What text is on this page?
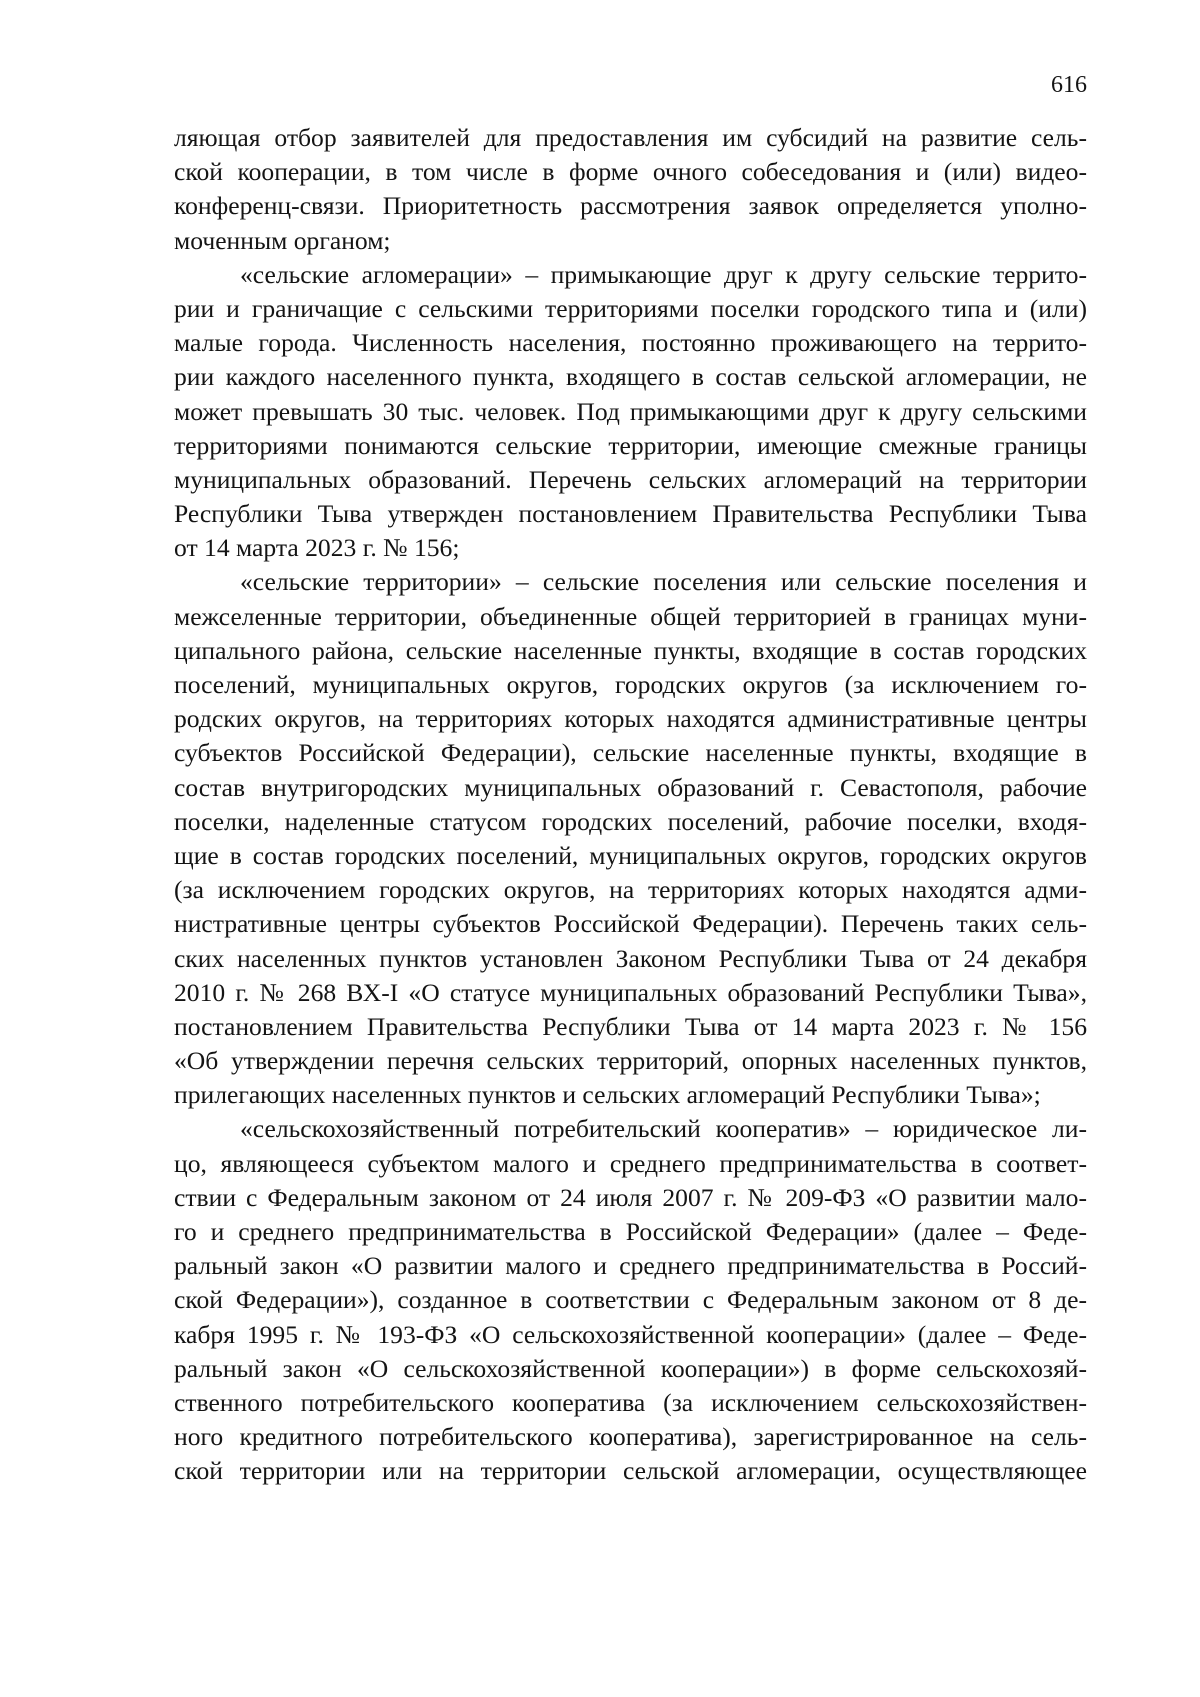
616
ляющая отбор заявителей для предоставления им субсидий на развитие сель-
ской кооперации, в том числе в форме очного собеседования и (или) видео-
конференц-связи. Приоритетность рассмотрения заявок определяется уполно-
моченным органом;
«сельские агломерации» – примыкающие друг к другу сельские террито-
рии и граничащие с сельскими территориями поселки городского типа и (или)
малые города. Численность населения, постоянно проживающего на террито-
рии каждого населенного пункта, входящего в состав сельской агломерации, не
может превышать 30 тыс. человек. Под примыкающими друг к другу сельскими
территориями понимаются сельские территории, имеющие смежные границы
муниципальных образований. Перечень сельских агломераций на территории
Республики Тыва утвержден постановлением Правительства Республики Тыва
от 14 марта 2023 г. № 156;
«сельские территории» – сельские поселения или сельские поселения и
межселенные территории, объединенные общей территорией в границах муни-
ципального района, сельские населенные пункты, входящие в состав городских
поселений, муниципальных округов, городских округов (за исключением го-
родских округов, на территориях которых находятся административные центры
субъектов Российской Федерации), сельские населенные пункты, входящие в
состав внутригородских муниципальных образований г. Севастополя, рабочие
поселки, наделенные статусом городских поселений, рабочие поселки, входя-
щие в состав городских поселений, муниципальных округов, городских округов
(за исключением городских округов, на территориях которых находятся адми-
нистративные центры субъектов Российской Федерации). Перечень таких сель-
ских населенных пунктов установлен Законом Республики Тыва от 24 декабря
2010 г. № 268 ВХ-I «О статусе муниципальных образований Республики Тыва»,
постановлением Правительства Республики Тыва от 14 марта 2023 г. № 156
«Об утверждении перечня сельских территорий, опорных населенных пунктов,
прилегающих населенных пунктов и сельских агломераций Республики Тыва»;
«сельскохозяйственный потребительский кооператив» – юридическое ли-
цо, являющееся субъектом малого и среднего предпринимательства в соответ-
ствии с Федеральным законом от 24 июля 2007 г. № 209-ФЗ «О развитии мало-
го и среднего предпринимательства в Российской Федерации» (далее – Феде-
ральный закон «О развитии малого и среднего предпринимательства в Россий-
ской Федерации»), созданное в соответствии с Федеральным законом от 8 де-
кабря 1995 г. № 193-ФЗ «О сельскохозяйственной кооперации» (далее – Феде-
ральный закон «О сельскохозяйственной кооперации») в форме сельскохозяй-
ственного потребительского кооператива (за исключением сельскохозяйствен-
ного кредитного потребительского кооператива), зарегистрированное на сель-
ской территории или на территории сельской агломерации, осуществляющее
